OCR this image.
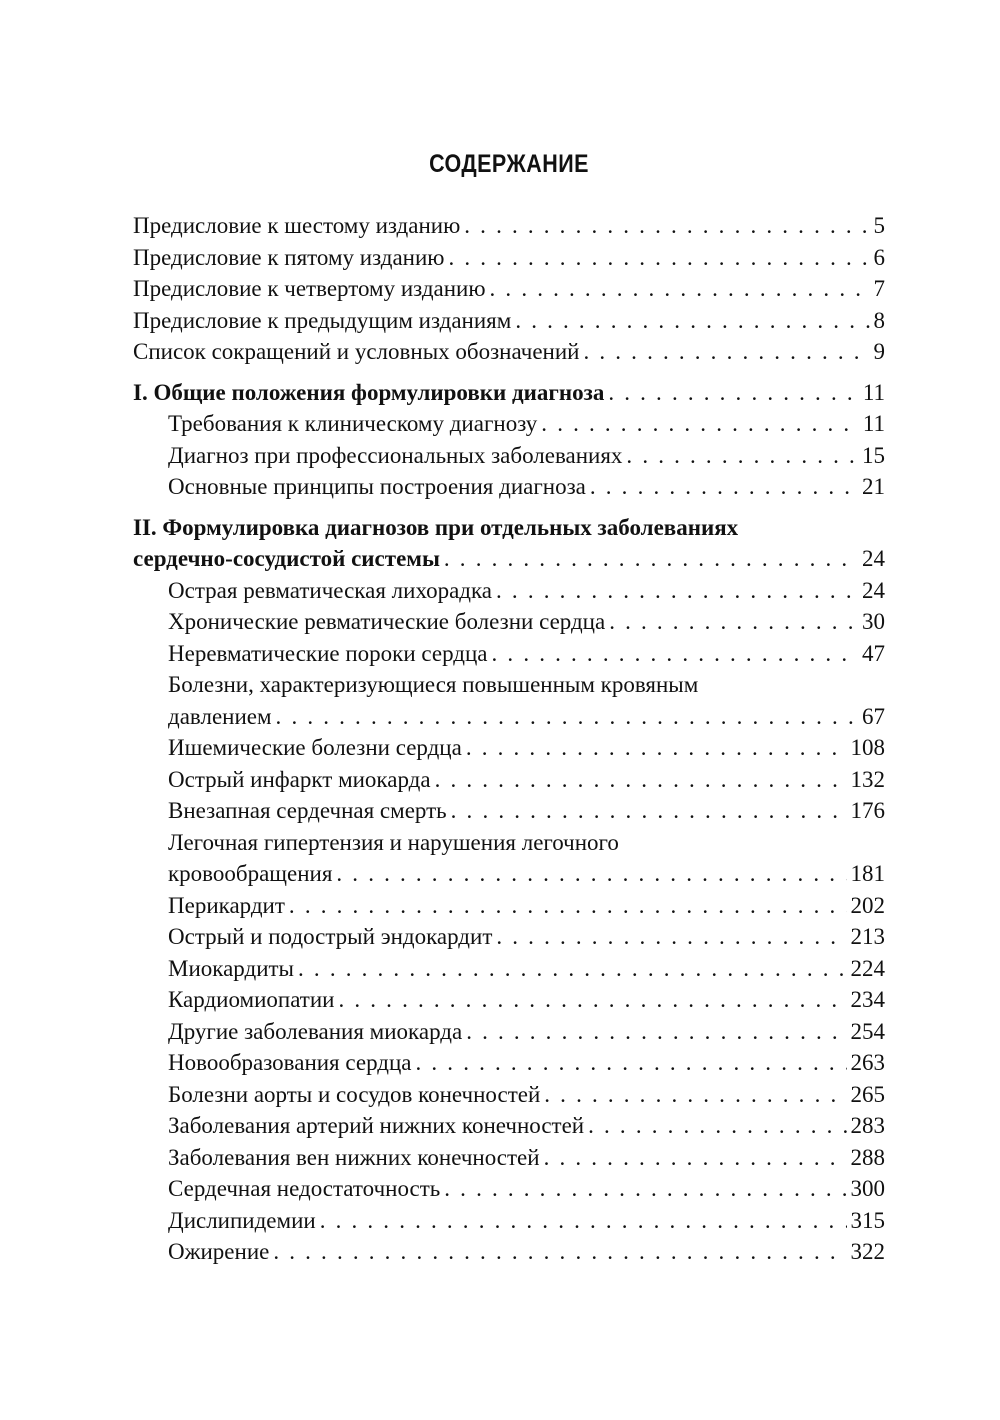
СОДЕРЖАНИЕ
Предисловие к шестому изданию . . .	5
Предисловие к пятому изданию . . .	6
Предисловие к четвертому изданию . . .	7
Предисловие к предыдущим изданиям . . .	8
Список сокращений и условных обозначений . . .	9
I. Общие положения формулировки диагноза . . .	11
Требования к клиническому диагнозу . . .	11
Диагноз при профессиональных заболеваниях . . .	15
Основные принципы построения диагноза . . .	21
II. Формулировка диагнозов при отдельных заболеваниях
сердечно-сосудистой системы . . .	24
Острая ревматическая лихорадка . . .	24
Хронические ревматические болезни сердца . . .	30
Неревматические пороки сердца . . .	47
Болезни, характеризующиеся повышенным кровяным
давлением . . .	67
Ишемические болезни сердца . . .	108
Острый инфаркт миокарда . . .	132
Внезапная сердечная смерть . . .	176
Легочная гипертензия и нарушения легочного
кровообращения . . .	181
Перикардит . . .	202
Острый и подострый эндокардит . . .	213
Миокардиты . . .	224
Кардиомиопатии . . .	234
Другие заболевания миокарда . . .	254
Новообразования сердца . . .	263
Болезни аорты и сосудов конечностей . . .	265
Заболевания артерий нижних конечностей . . .	283
Заболевания вен нижних конечностей . . .	288
Сердечная недостаточность . . .	300
Дислипидемии . . .	315
Ожирение . . .	322
